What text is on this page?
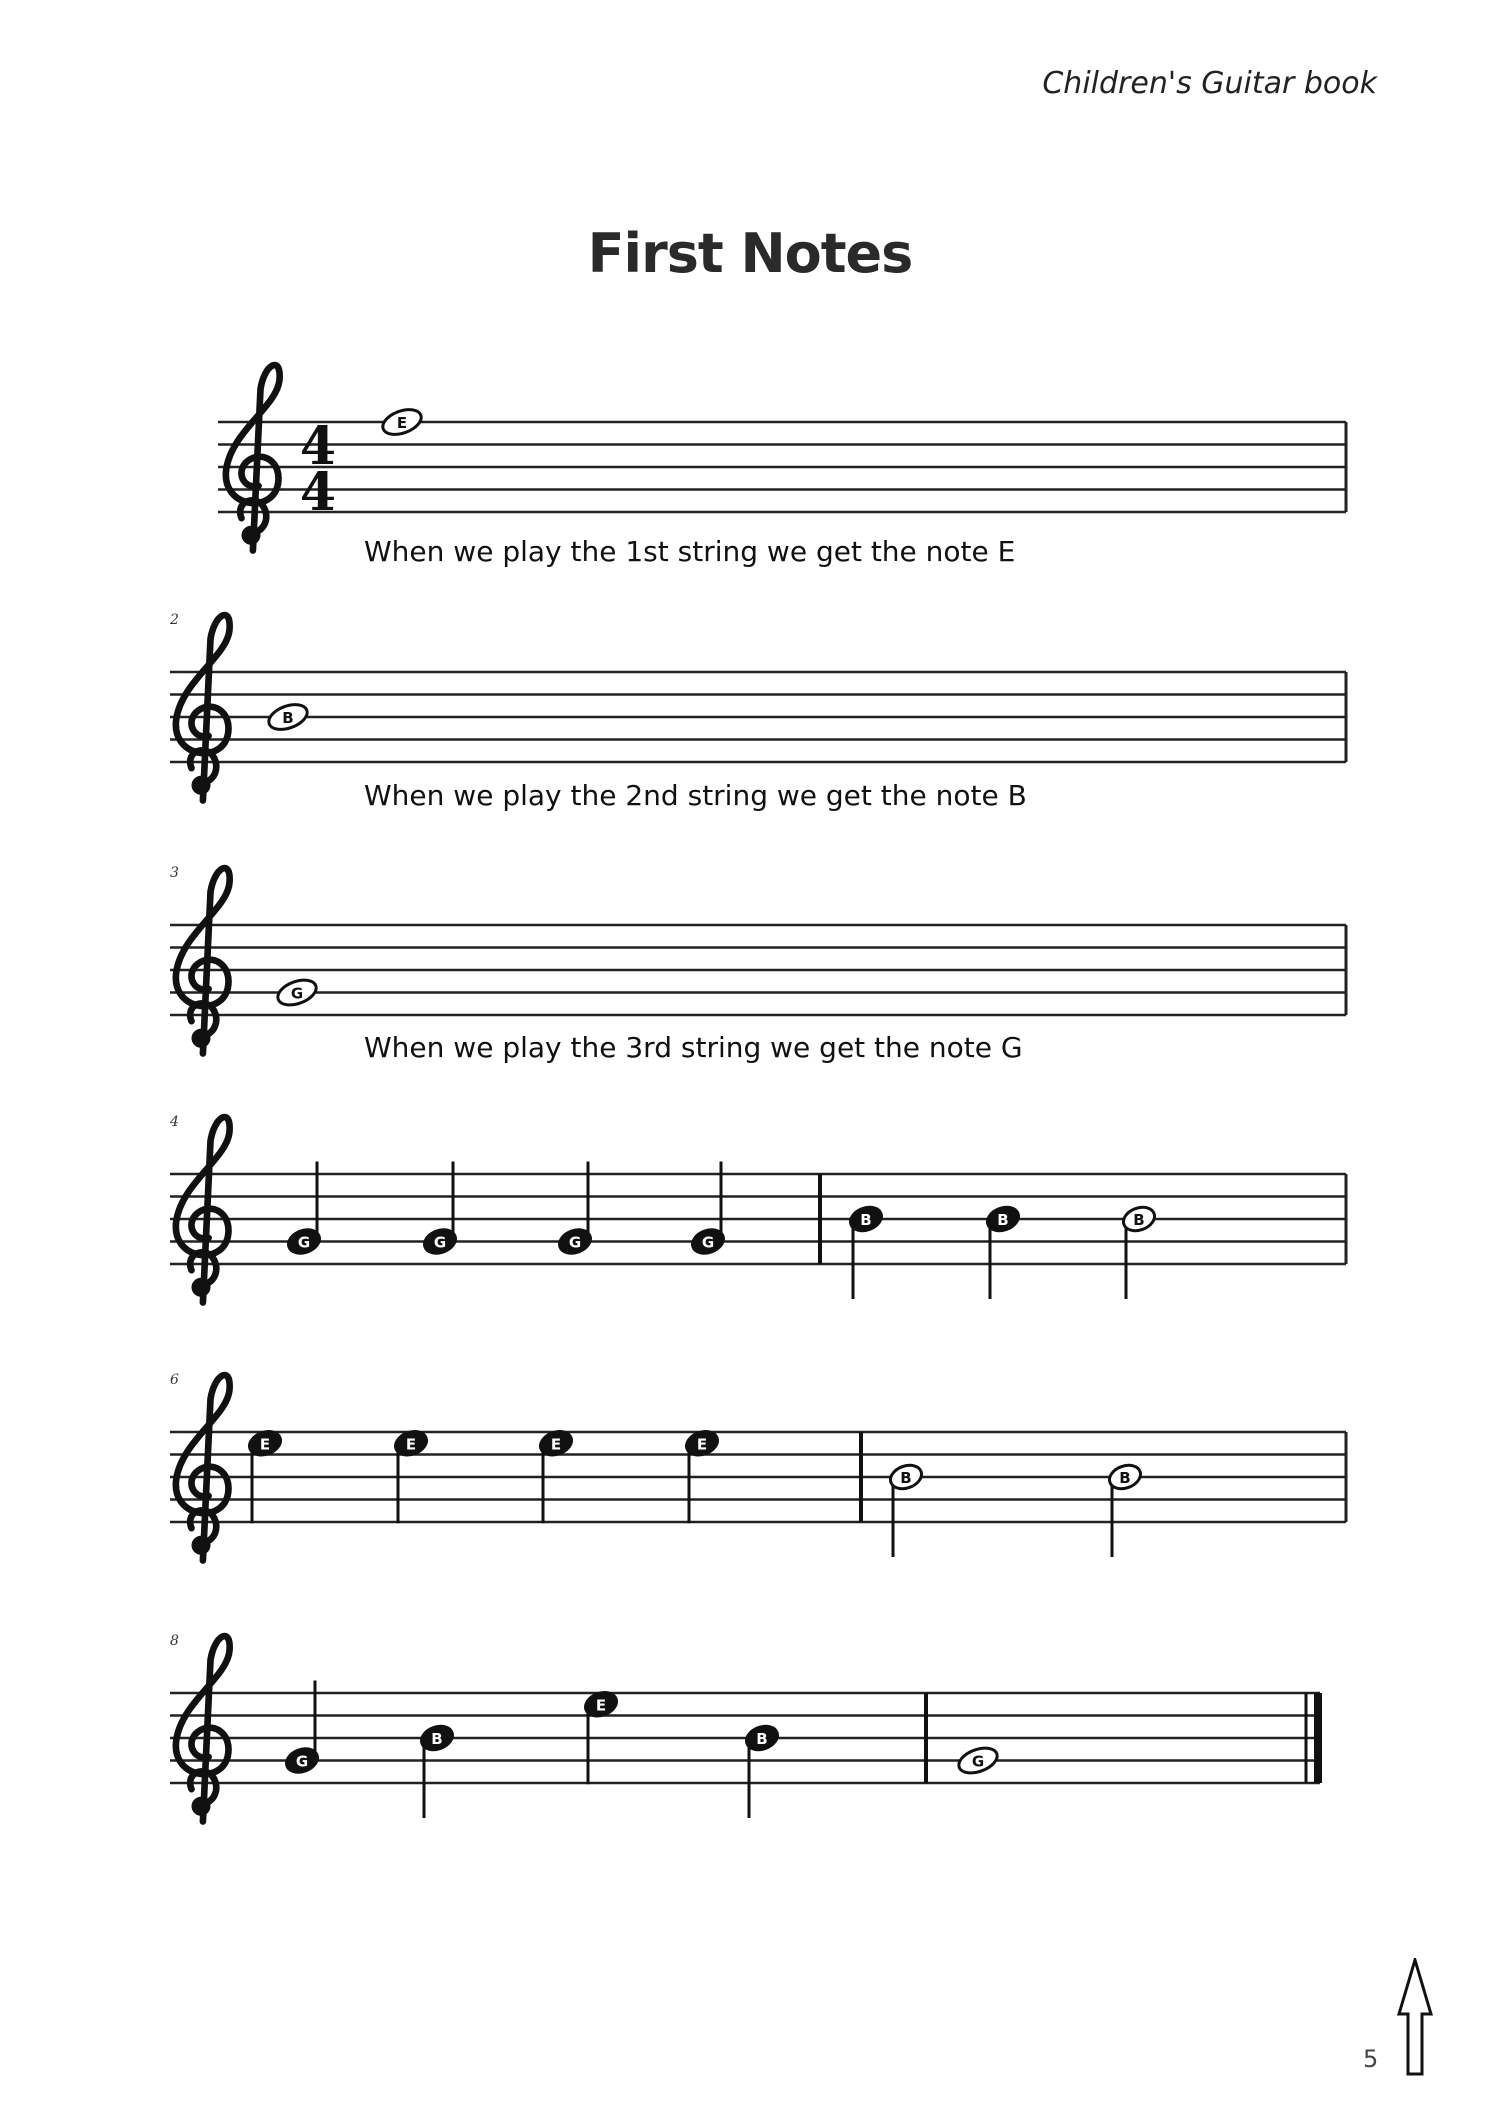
Children's Guitar book
First Notes
4
4
E
2
B
3
G
4
G	G	G	G
B	B	B
6
E	E	E	E
B	B
8
G
B
E
B
G
When we play the 1st string we get the note E
When we play the 2nd string we get the note B
When we play the 3rd string we get the note G
5
